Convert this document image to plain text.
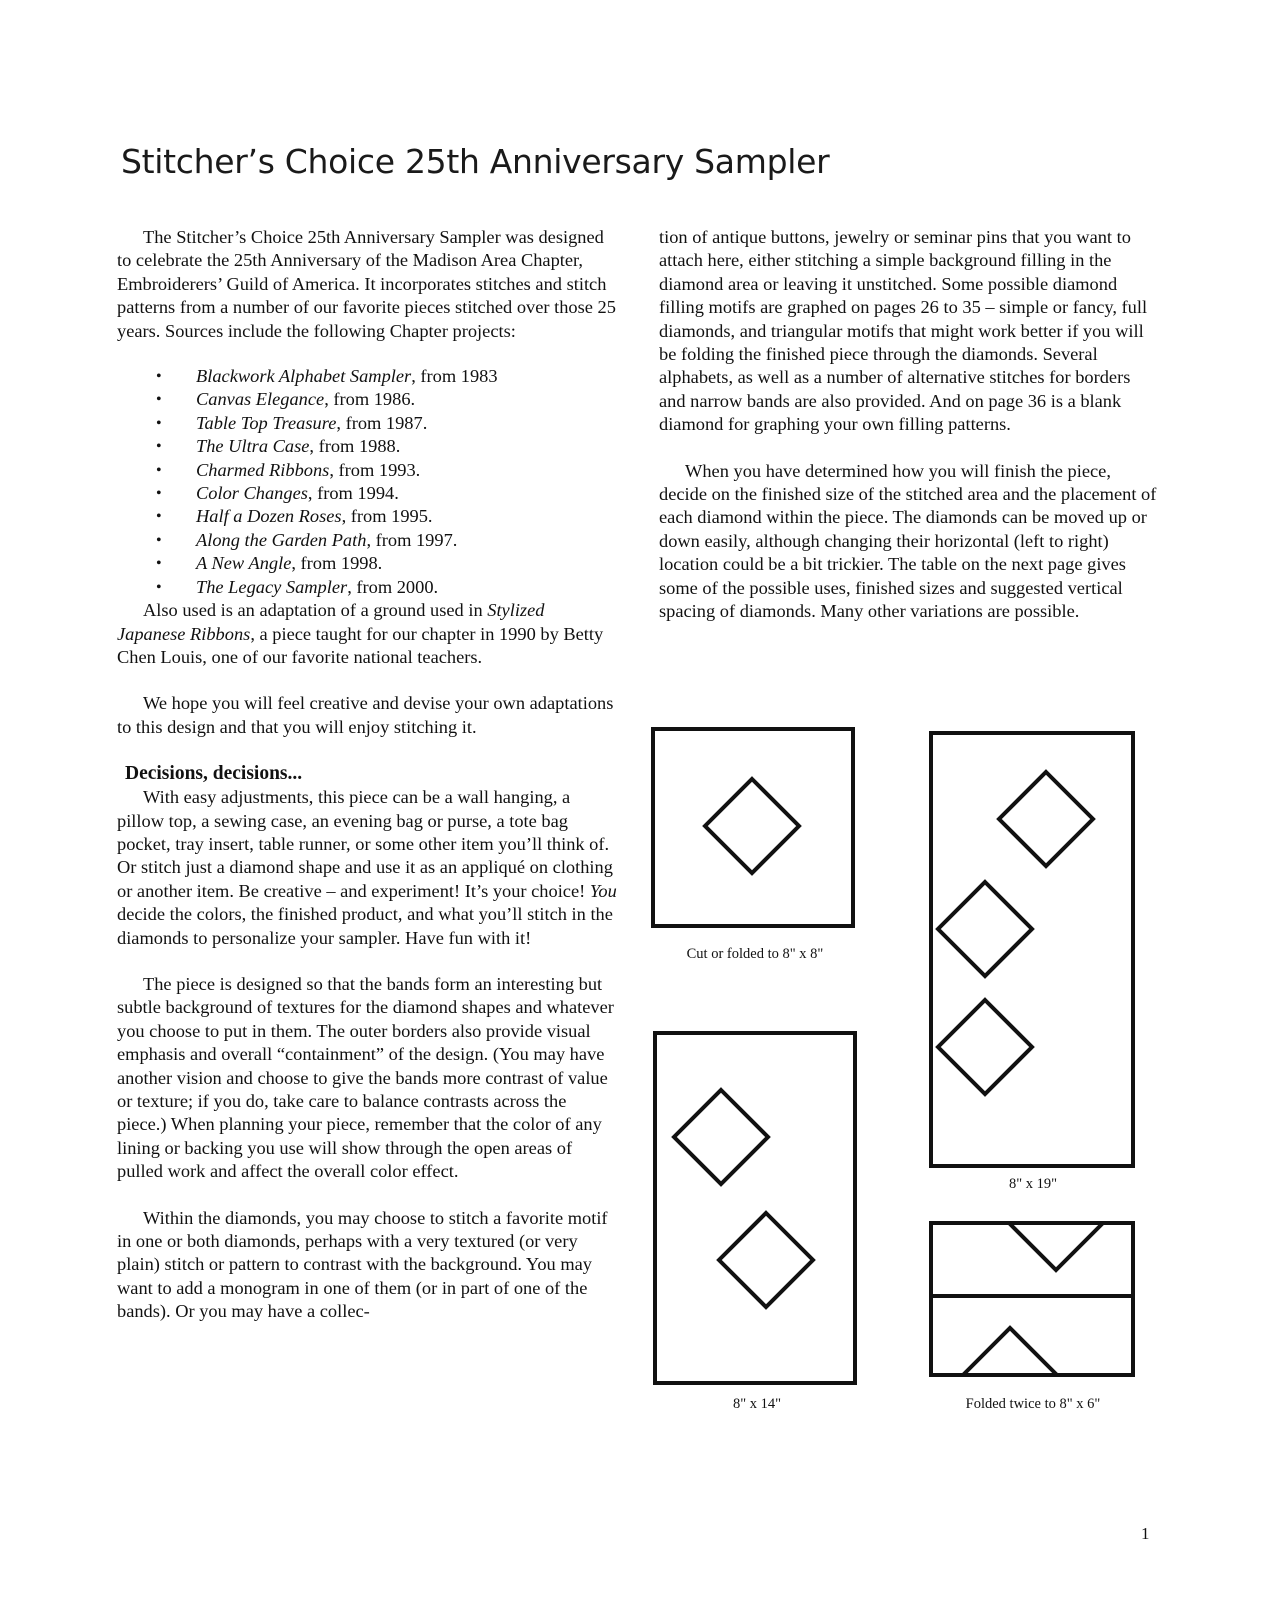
Stitcher’s Choice 25th Anniversary Sampler

The Stitcher’s Choice 25th Anniversary Sampler was designed to celebrate the 25th Anniversary of the Madison Area Chapter, Embroiderers’ Guild of America. It incorporates stitches and stitch patterns from a number of our favorite pieces stitched over those 25 years. Sources include the following Chapter projects:

• Blackwork Alphabet Sampler, from 1983
• Canvas Elegance, from 1986.
• Table Top Treasure, from 1987.
• The Ultra Case, from 1988.
• Charmed Ribbons, from 1993.
• Color Changes, from 1994.
• Half a Dozen Roses, from 1995.
• Along the Garden Path, from 1997.
• A New Angle, from 1998.
• The Legacy Sampler, from 2000.

Also used is an adaptation of a ground used in Stylized Japanese Ribbons, a piece taught for our chapter in 1990 by Betty Chen Louis, one of our favorite national teachers.

We hope you will feel creative and devise your own adaptations to this design and that you will enjoy stitching it.

Decisions, decisions...

With easy adjustments, this piece can be a wall hanging, a pillow top, a sewing case, an evening bag or purse, a tote bag pocket, tray insert, table runner, or some other item you’ll think of. Or stitch just a diamond shape and use it as an appliqué on clothing or another item. Be creative – and experiment! It’s your choice! You decide the colors, the finished product, and what you’ll stitch in the diamonds to personalize your sampler. Have fun with it!

The piece is designed so that the bands form an interesting but subtle background of textures for the diamond shapes and whatever you choose to put in them. The outer borders also provide visual emphasis and overall “containment” of the design. (You may have another vision and choose to give the bands more contrast of value or texture; if you do, take care to balance contrasts across the piece.) When planning your piece, remember that the color of any lining or backing you use will show through the open areas of pulled work and affect the overall color effect.

Within the diamonds, you may choose to stitch a favorite motif in one or both diamonds, perhaps with a very textured (or very plain) stitch or pattern to contrast with the background. You may want to add a monogram in one of them (or in part of one of the bands). Or you may have a collec-

tion of antique buttons, jewelry or seminar pins that you want to attach here, either stitching a simple background filling in the diamond area or leaving it unstitched. Some possible diamond filling motifs are graphed on pages 26 to 35 – simple or fancy, full diamonds, and triangular motifs that might work better if you will be folding the finished piece through the diamonds. Several alphabets, as well as a number of alternative stitches for borders and narrow bands are also provided. And on page 36 is a blank diamond for graphing your own filling patterns.

When you have determined how you will finish the piece, decide on the finished size of the stitched area and the placement of each diamond within the piece. The diamonds can be moved up or down easily, although changing their horizontal (left to right) location could be a bit trickier. The table on the next page gives some of the possible uses, finished sizes and suggested vertical spacing of diamonds. Many other variations are possible.

Cut or folded to 8" x 8"
8" x 19"
8" x 14"	Folded twice to 8" x 6"
1
